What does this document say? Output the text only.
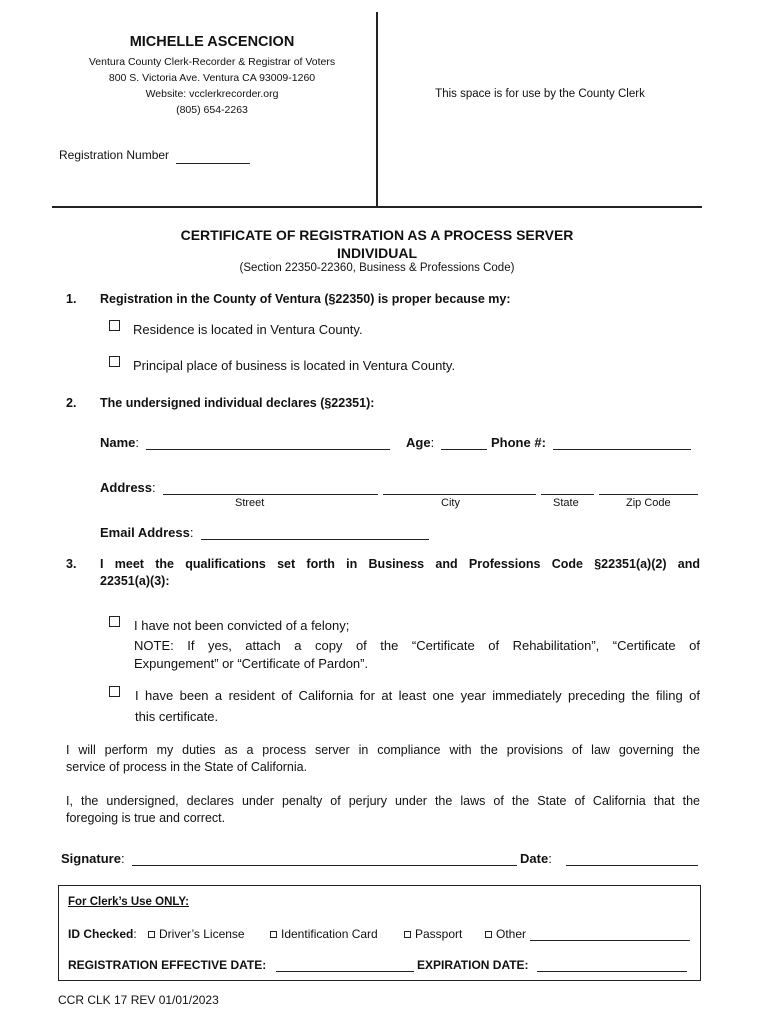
MICHELLE ASCENCION
Ventura County Clerk-Recorder & Registrar of Voters
800 S. Victoria Ave. Ventura CA 93009-1260
Website: vcclerkrecorder.org
(805) 654-2263
This space is for use by the County Clerk
Registration Number
CERTIFICATE OF REGISTRATION AS A PROCESS SERVER
INDIVIDUAL
(Section 22350-22360, Business & Professions Code)
1. Registration in the County of Ventura (§22350) is proper because my:
Residence is located in Ventura County.
Principal place of business is located in Ventura County.
2. The undersigned individual declares (§22351):
Name:	Age:	Phone #:
Address:
Street	City	State	Zip Code
Email Address:
3. I meet the qualifications set forth in Business and Professions Code §22351(a)(2) and
22351(a)(3):
I have not been convicted of a felony;
NOTE: If yes, attach a copy of the “Certificate of Rehabilitation”, “Certificate of
Expungement” or “Certificate of Pardon”.
I have been a resident of California for at least one year immediately preceding the filing of
this certificate.
I will perform my duties as a process server in compliance with the provisions of law governing the
service of process in the State of California.
I, the undersigned, declares under penalty of perjury under the laws of the State of California that the
foregoing is true and correct.
Signature:	Date:
For Clerk’s Use ONLY:
ID Checked:	Driver’s License	Identification Card	Passport	Other
REGISTRATION EFFECTIVE DATE:	EXPIRATION DATE:
CCR CLK 17 REV 01/01/2023
